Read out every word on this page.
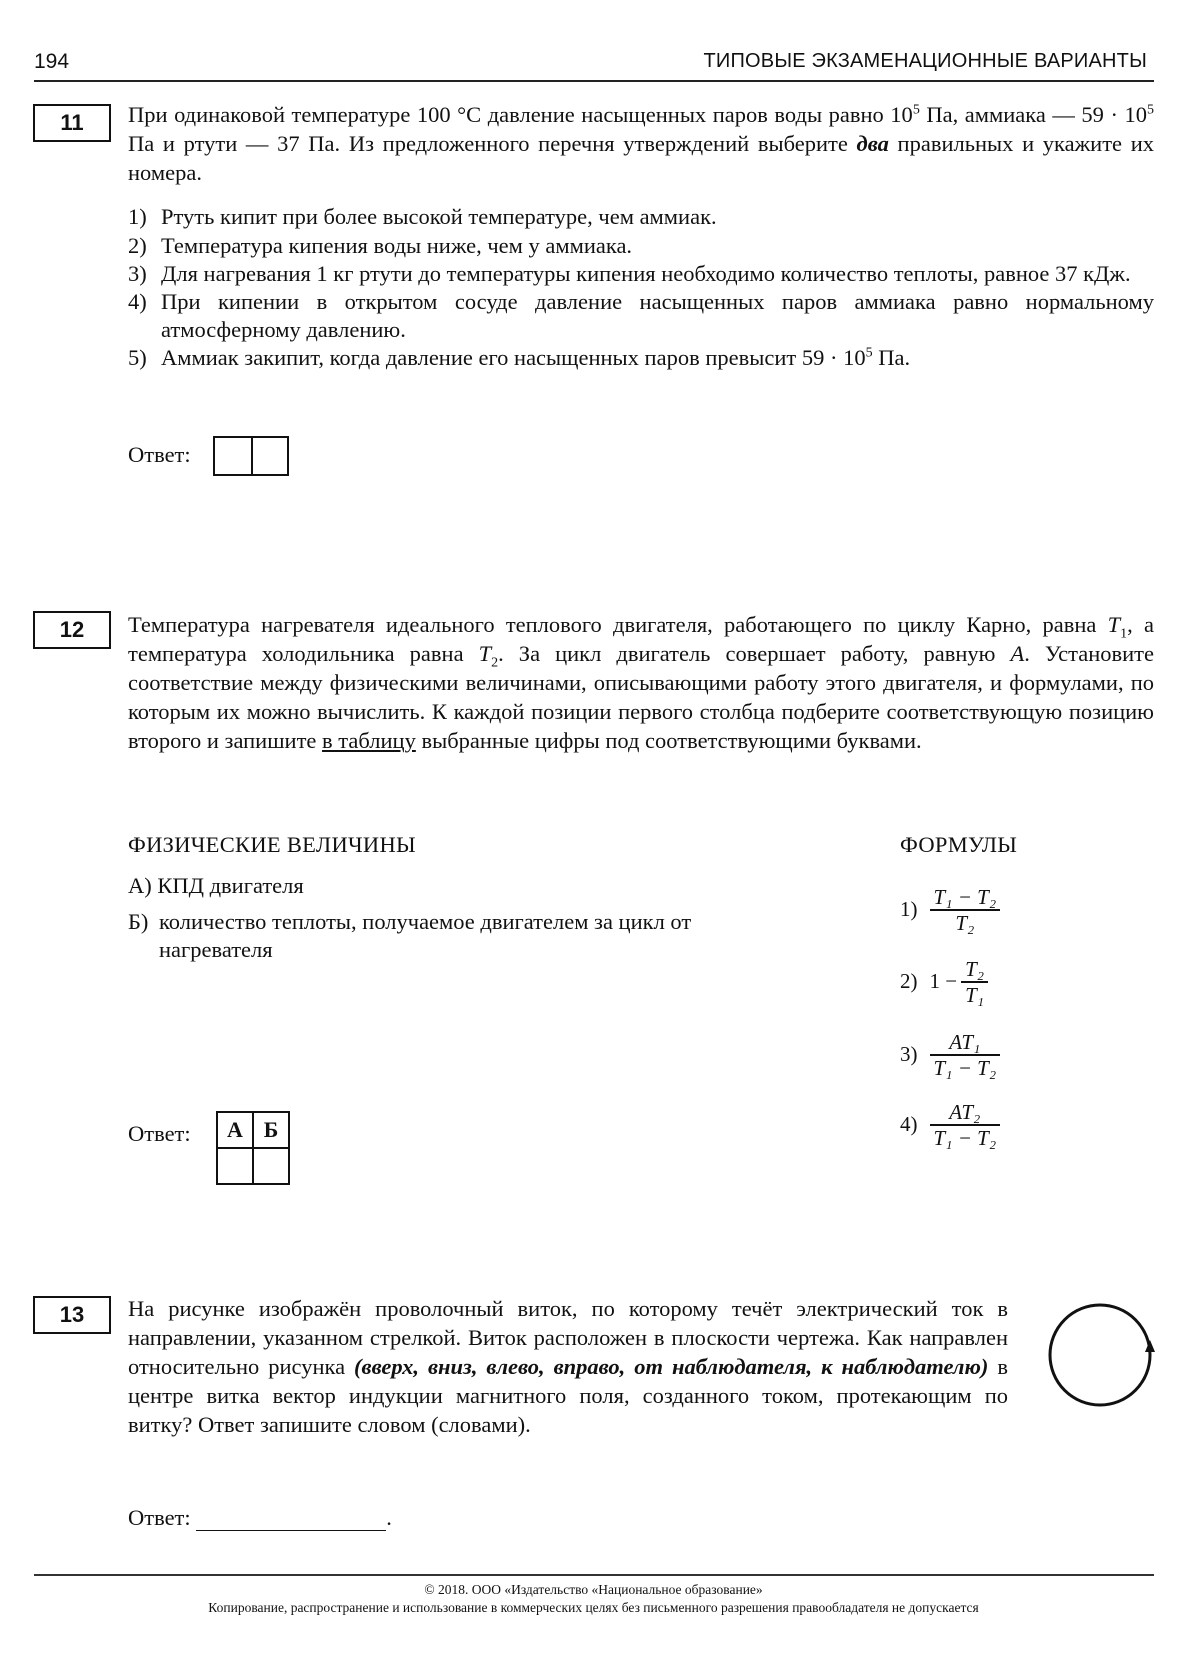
194	ТИПОВЫЕ ЭКЗАМЕНАЦИОННЫЕ ВАРИАНТЫ
11	При одинаковой температуре 100 °С давление насыщенных паров воды равно $10^5$ Па, аммиака — $59 \cdot 10^5$ Па и ртути — 37 Па. Из предложенного перечня утверждений выберите два правильных и укажите их номера.
1) Ртуть кипит при более высокой температуре, чем аммиак.
2) Температура кипения воды ниже, чем у аммиака.
3) Для нагревания 1 кг ртути до температуры кипения необходимо количество теплоты, равное 37 кДж.
4) При кипении в открытом сосуде давление насыщенных паров аммиака равно нормальному атмосферному давлению.
5) Аммиак закипит, когда давление его насыщенных паров превысит $59 \cdot 10^5$ Па.
Ответ:
12	Температура нагревателя идеального теплового двигателя, работающего по циклу Карно, равна $T_1$, а температура холодильника равна $T_2$. За цикл двигатель совершает работу, равную A. Установите соответствие между физическими величинами, описывающими работу этого двигателя, и формулами, по которым их можно вычислить. К каждой позиции первого столбца подберите соответствующую позицию второго и запишите в таблицу выбранные цифры под соответствующими буквами.
ФИЗИЧЕСКИЕ ВЕЛИЧИНЫ	ФОРМУЛЫ
А) КПД двигателя
Б) количество теплоты, получаемое двигателем за цикл от нагревателя
$1) \frac{\text{T₁ − T₂}}{\text{T₂}}$
2) $1 - \frac{\text{T₂}}{\text{T₁}}$
$3) \frac{\text{AT₁}}{\text{T₁ − T₂}}$
$4) \frac{\text{AT₂}}{\text{T₁ − T₂}}$
Ответ: А	Б

13	На рисунке изображён проволочный виток, по которому течёт электрический ток в направлении, указанном стрелкой. Виток расположен в плоскости чертежа. Как направлен относительно рисунка (вверх, вниз, влево, вправо, от наблюдателя, к наблюдателю) в центре витка вектор индукции магнитного поля, созданного током, протекающим по витку? Ответ запишите словом (словами).
Ответ:	.
© 2018. ООО «Издательство «Национальное образование»
Копирование, распространение и использование в коммерческих целях без письменного разрешения правообладателя не допускается
